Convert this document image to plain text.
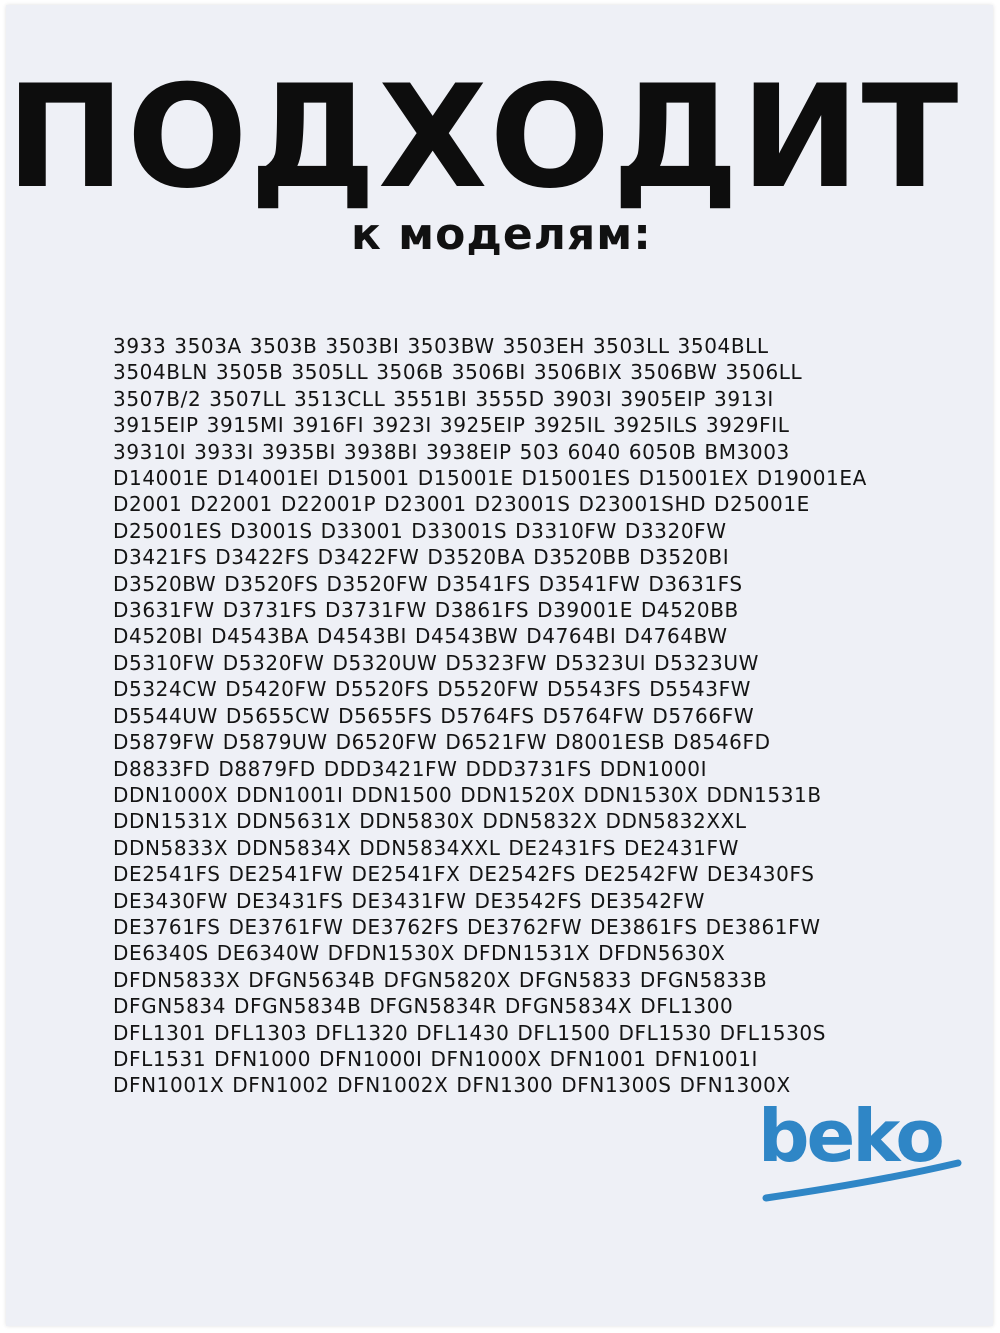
ПОДХОДИТ
к моделям:
3933 3503A 3503B 3503BI 3503BW 3503EH 3503LL 3504BLL
3504BLN 3505B 3505LL 3506B 3506BI 3506BIX 3506BW 3506LL
3507B/2 3507LL 3513CLL 3551BI 3555D 3903I 3905EIP 3913I
3915EIP 3915MI 3916FI 3923I 3925EIP 3925IL 3925ILS 3929FIL
39310I 3933I 3935BI 3938BI 3938EIP 503 6040 6050B BM3003
D14001E D14001EI D15001 D15001E D15001ES D15001EX D19001EA
D2001 D22001 D22001P D23001 D23001S D23001SHD D25001E
D25001ES D3001S D33001 D33001S D3310FW D3320FW
D3421FS D3422FS D3422FW D3520BA D3520BB D3520BI
D3520BW D3520FS D3520FW D3541FS D3541FW D3631FS
D3631FW D3731FS D3731FW D3861FS D39001E D4520BB
D4520BI D4543BA D4543BI D4543BW D4764BI D4764BW
D5310FW D5320FW D5320UW D5323FW D5323UI D5323UW
D5324CW D5420FW D5520FS D5520FW D5543FS D5543FW
D5544UW D5655CW D5655FS D5764FS D5764FW D5766FW
D5879FW D5879UW D6520FW D6521FW D8001ESB D8546FD
D8833FD D8879FD DDD3421FW DDD3731FS DDN1000I
DDN1000X DDN1001I DDN1500 DDN1520X DDN1530X DDN1531B
DDN1531X DDN5631X DDN5830X DDN5832X DDN5832XXL
DDN5833X DDN5834X DDN5834XXL DE2431FS DE2431FW
DE2541FS DE2541FW DE2541FX DE2542FS DE2542FW DE3430FS
DE3430FW DE3431FS DE3431FW DE3542FS DE3542FW
DE3761FS DE3761FW DE3762FS DE3762FW DE3861FS DE3861FW
DE6340S DE6340W DFDN1530X DFDN1531X DFDN5630X
DFDN5833X DFGN5634B DFGN5820X DFGN5833 DFGN5833B
DFGN5834 DFGN5834B DFGN5834R DFGN5834X DFL1300
DFL1301 DFL1303 DFL1320 DFL1430 DFL1500 DFL1530 DFL1530S
DFL1531 DFN1000 DFN1000I DFN1000X DFN1001 DFN1001I
DFN1001X DFN1002 DFN1002X DFN1300 DFN1300S DFN1300X
beko
